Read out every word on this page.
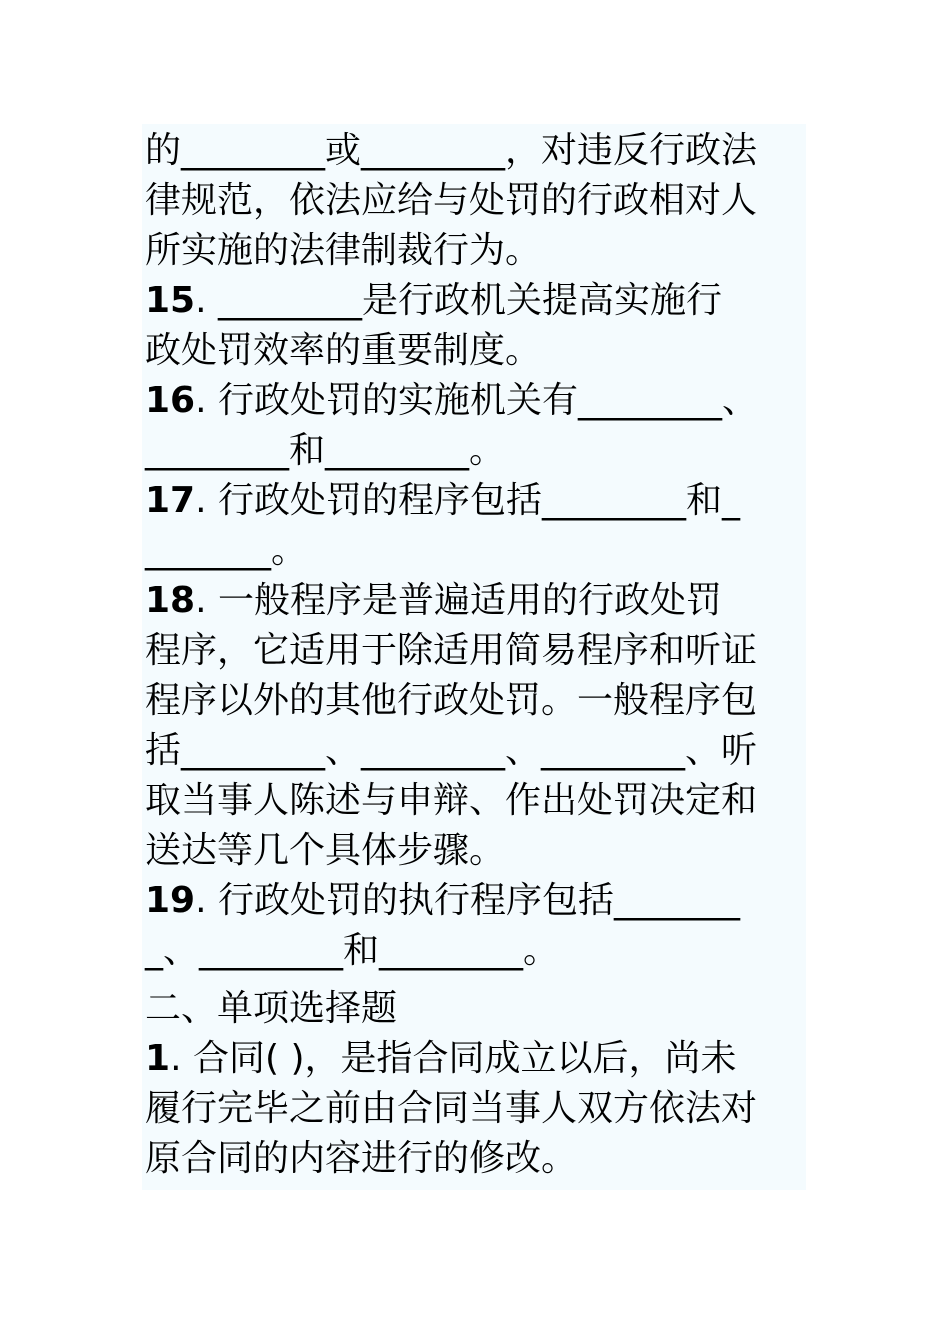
的________或________，对违反行政法
律规范，依法应给与处罚的行政相对人
所实施的法律制裁行为。
15. ________是行政机关提高实施行
政处罚效率的重要制度。
16. 行政处罚的实施机关有________、
________和________。
17. 行政处罚的程序包括________和_
_______。
18. 一般程序是普遍适用的行政处罚
程序，它适用于除适用简易程序和听证
程序以外的其他行政处罚。一般程序包
括________、________、________、听
取当事人陈述与申辩、作出处罚决定和
送达等几个具体步骤。
19. 行政处罚的执行程序包括_______
_、________和________。
二、单项选择题
1. 合同( )，是指合同成立以后，尚未
履行完毕之前由合同当事人双方依法对
原合同的内容进行的修改。
